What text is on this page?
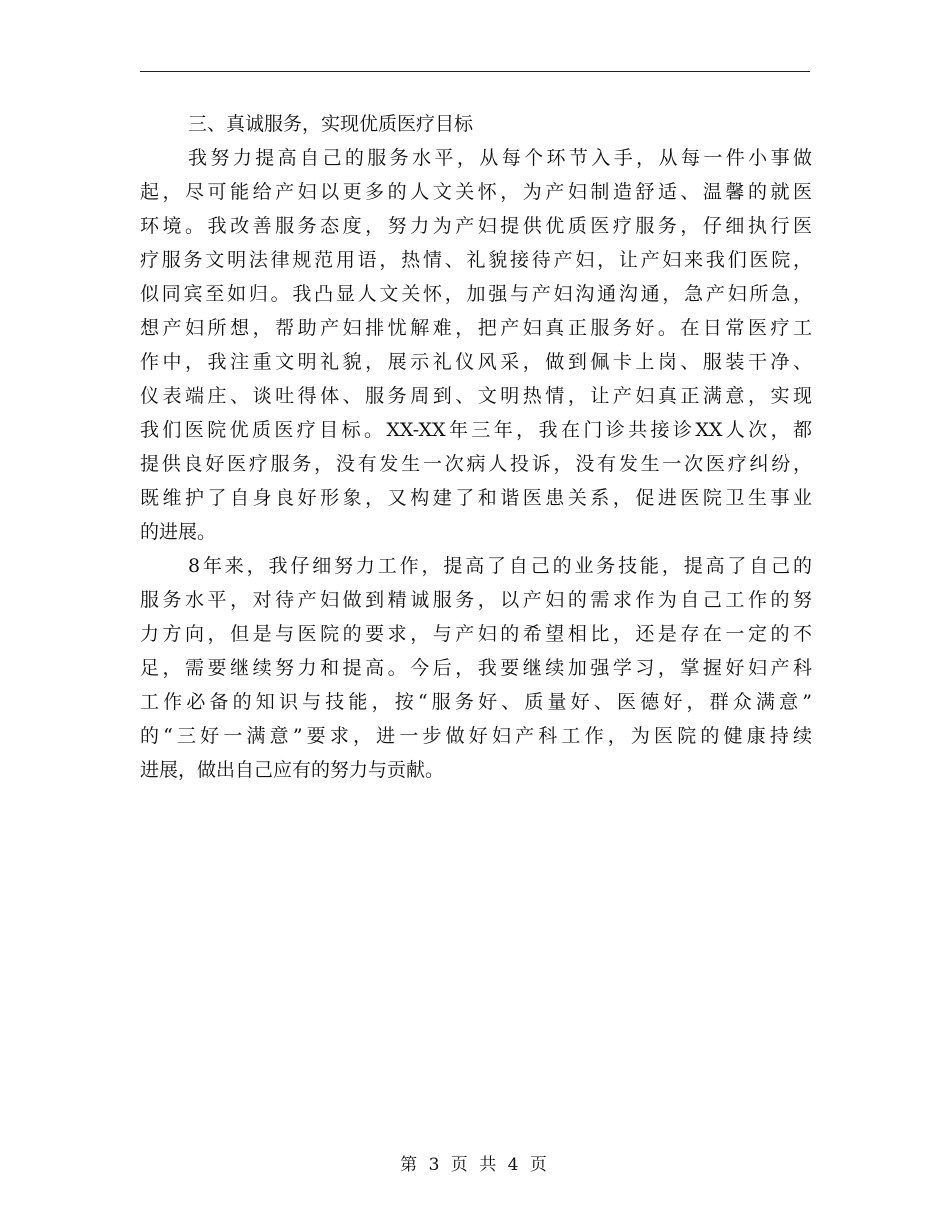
三、真诚服务，实现优质医疗目标
我努力提高自己的服务水平，从每个环节入手，从每一件小事做
起，尽可能给产妇以更多的人文关怀，为产妇制造舒适、温馨的就医
环境。我改善服务态度，努力为产妇提供优质医疗服务，仔细执行医
疗服务文明法律规范用语，热情、礼貌接待产妇，让产妇来我们医院，
似同宾至如归。我凸显人文关怀，加强与产妇沟通沟通，急产妇所急，
想产妇所想，帮助产妇排忧解难，把产妇真正服务好。在日常医疗工
作中，我注重文明礼貌，展示礼仪风采，做到佩卡上岗、服装干净、
仪表端庄、谈吐得体、服务周到、文明热情，让产妇真正满意，实现
我们医院优质医疗目标。XX-XX年三年，我在门诊共接诊XX人次，都
提供良好医疗服务，没有发生一次病人投诉，没有发生一次医疗纠纷，
既维护了自身良好形象，又构建了和谐医患关系，促进医院卫生事业
的进展。
8年来，我仔细努力工作，提高了自己的业务技能，提高了自己的
服务水平，对待产妇做到精诚服务，以产妇的需求作为自己工作的努
力方向，但是与医院的要求，与产妇的希望相比，还是存在一定的不
足，需要继续努力和提高。今后，我要继续加强学习，掌握好妇产科
工作必备的知识与技能，按“服务好、质量好、医德好，群众满意”
的“三好一满意”要求，进一步做好妇产科工作，为医院的健康持续
进展，做出自己应有的努力与贡献。
第 3 页 共 4 页
